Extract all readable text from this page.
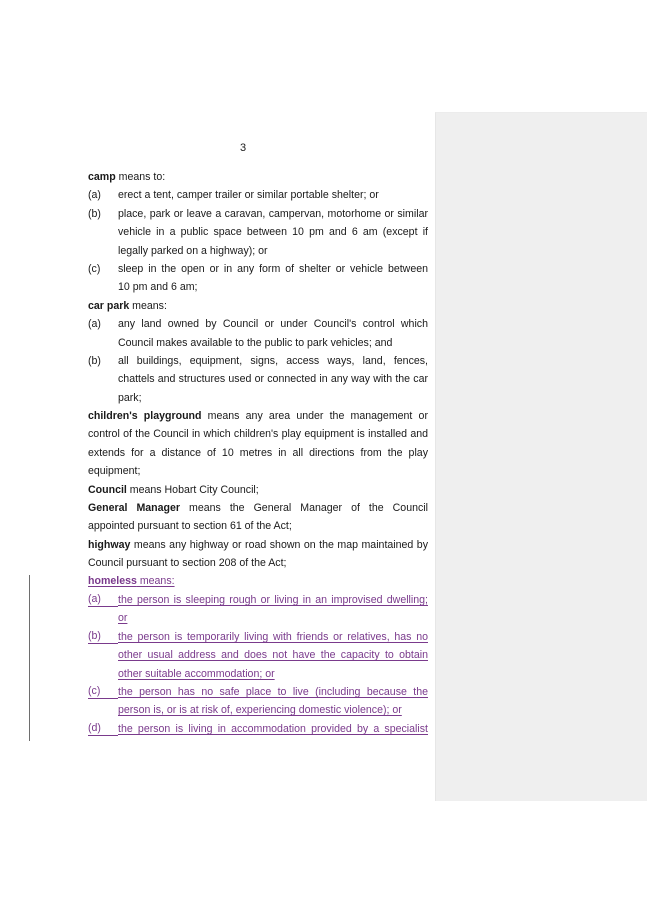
3
camp means to:
(a) erect a tent, camper trailer or similar portable shelter; or
(b) place, park or leave a caravan, campervan, motorhome or similar
vehicle in a public space between 10 pm and 6 am (except if
legally parked on a highway); or
(c) sleep in the open or in any form of shelter or vehicle between
10 pm and 6 am;
car park means:
(a) any land owned by Council or under Council's control which
Council makes available to the public to park vehicles; and
(b) all buildings, equipment, signs, access ways, land, fences,
chattels and structures used or connected in any way with the car
park;
children's playground means any area under the management or
control of the Council in which children's play equipment is installed and
extends for a distance of 10 metres in all directions from the play
equipment;
Council means Hobart City Council;
General Manager means the General Manager of the Council
appointed pursuant to section 61 of the Act;
highway means any highway or road shown on the map maintained by
Council pursuant to section 208 of the Act;
homeless means:
(a)	the person is sleeping rough or living in an improvised dwelling;
or
(b)	the person is temporarily living with friends or relatives, has no
other usual address and does not have the capacity to obtain
other suitable accommodation; or
(c)	the person has no safe place to live (including because the
person is, or is at risk of, experiencing domestic violence); or
(d)	the person is living in accommodation provided by a specialist
